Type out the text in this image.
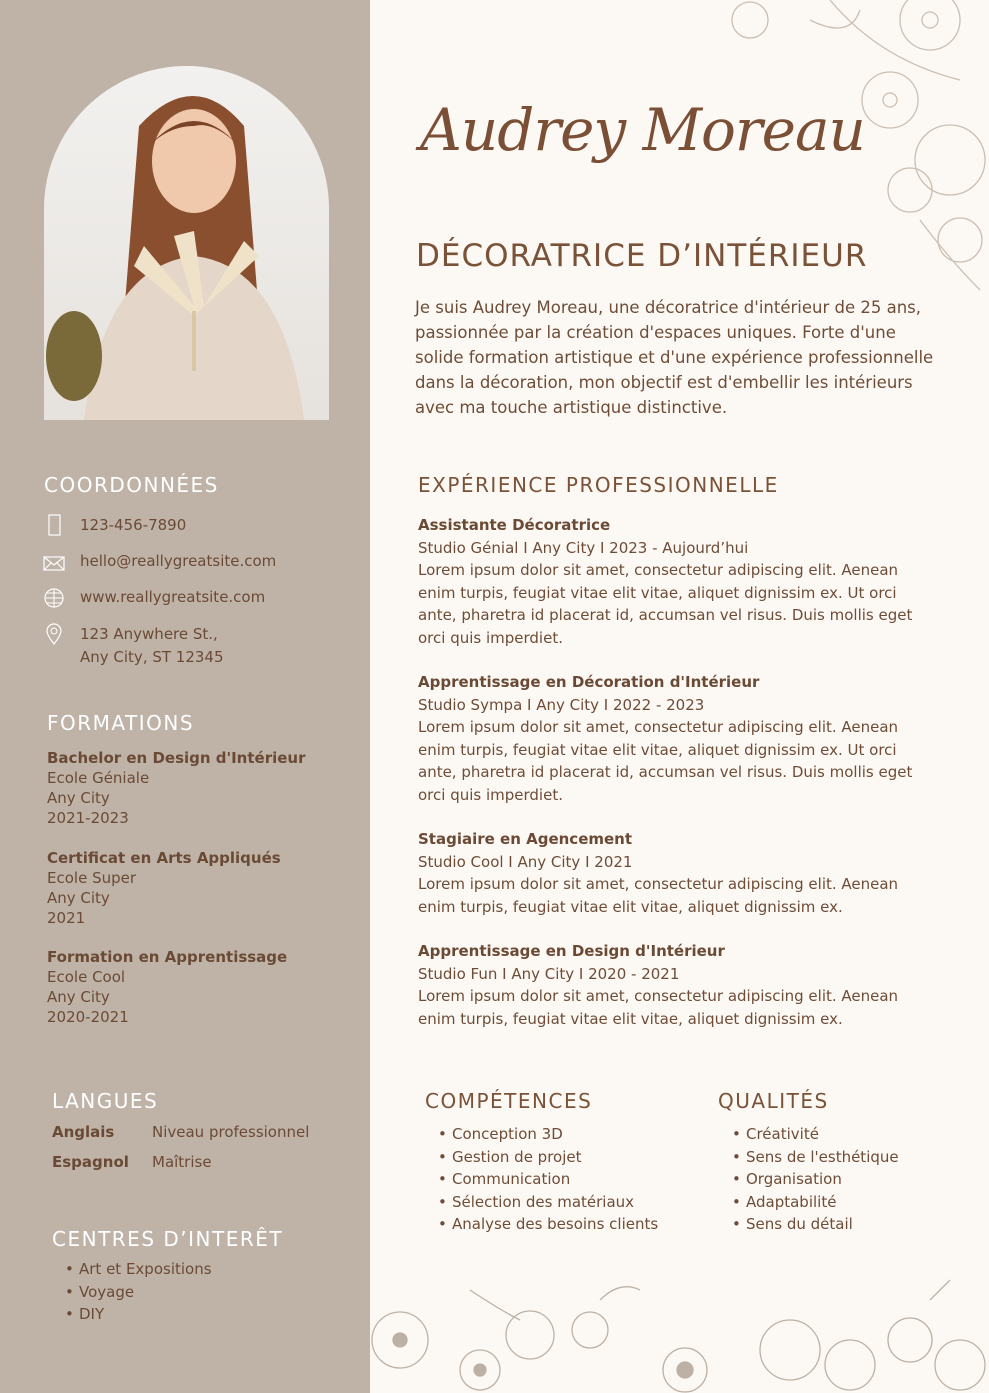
COORDONNÉES
123-456-7890
hello@reallygreatsite.com
www.reallygreatsite.com
123 Anywhere St.,
Any City, ST 12345
FORMATIONS
Bachelor en Design d'Intérieur
Ecole Géniale
Any City
2021-2023
Certificat en Arts Appliqués
Ecole Super
Any City
2021
Formation en Apprentissage
Ecole Cool
Any City
2020-2021
LANGUES
Anglais	Niveau professionnel
Espagnol Maîtrise
CENTRES D’INTERÊT
• Art et Expositions
• Voyage
• DIY
Audrey Moreau
DÉCORATRICE D’INTÉRIEUR
Je suis Audrey Moreau, une décoratrice d'intérieur de 25 ans, passionnée par la création d'espaces uniques. Forte d'une solide formation artistique et d'une expérience professionnelle dans la décoration, mon objectif est d'embellir les intérieurs avec ma touche artistique distinctive.
EXPÉRIENCE PROFESSIONNELLE
Assistante Décoratrice
Studio Génial I Any City I 2023 - Aujourd’hui
Lorem ipsum dolor sit amet, consectetur adipiscing elit. Aenean enim turpis, feugiat vitae elit vitae, aliquet dignissim ex. Ut orci ante, pharetra id placerat id, accumsan vel risus. Duis mollis eget orci quis imperdiet.
Apprentissage en Décoration d'Intérieur
Studio Sympa I Any City I 2022 - 2023
Lorem ipsum dolor sit amet, consectetur adipiscing elit. Aenean enim turpis, feugiat vitae elit vitae, aliquet dignissim ex. Ut orci ante, pharetra id placerat id, accumsan vel risus. Duis mollis eget orci quis imperdiet.
Stagiaire en Agencement
Studio Cool I Any City I 2021
Lorem ipsum dolor sit amet, consectetur adipiscing elit. Aenean enim turpis, feugiat vitae elit vitae, aliquet dignissim ex.
Apprentissage en Design d'Intérieur
Studio Fun I Any City I 2020 - 2021
Lorem ipsum dolor sit amet, consectetur adipiscing elit. Aenean enim turpis, feugiat vitae elit vitae, aliquet dignissim ex.
COMPÉTENCES
• Conception 3D
• Gestion de projet
• Communication
• Sélection des matériaux
• Analyse des besoins clients
QUALITÉS
• Créativité
• Sens de l'esthétique
• Organisation
• Adaptabilité
• Sens du détail
